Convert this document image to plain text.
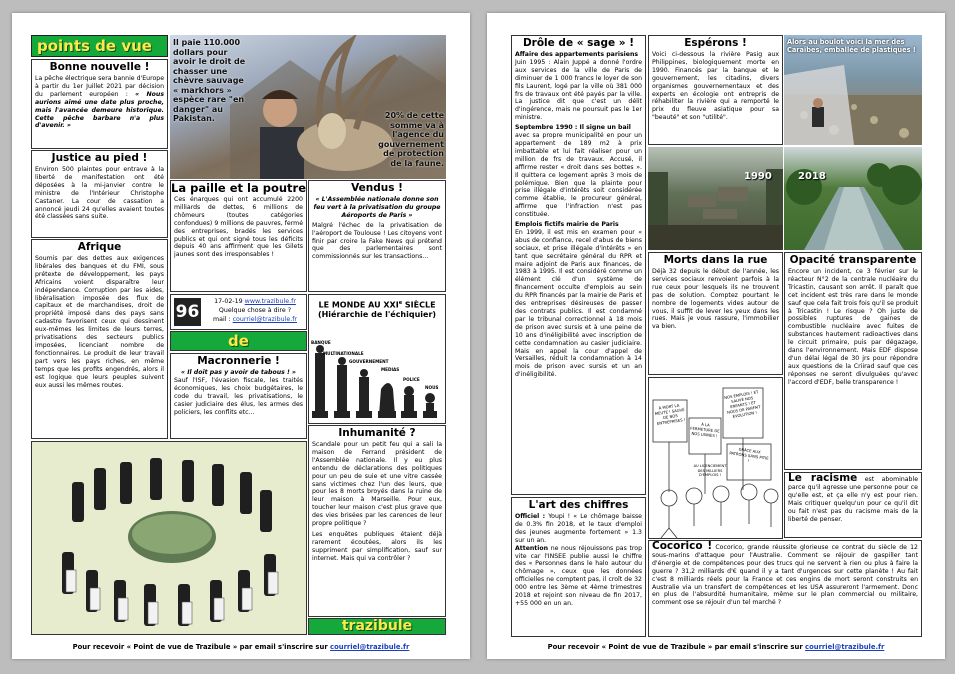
points de vue
Bonne nouvelle !
La pêche électrique sera bannie d'Europe à partir du 1er Juillet 2021 par décision du parlement européen : « Nous aurions aimé une date plus proche, mais l'avancée demeure historique. Cette pêche barbare n'a plus d'avenir. »
Il paie 110.000 dollars pour avoir le droit de chasser une chèvre sauvage « markhors » espèce rare "en danger" au Pakistan.	20% de cette somme va à l'agence du gouvernement de protection de la faune.
Justice au pied !
Environ 500 plaintes pour entrave à la liberté de manifestation ont été déposées à la mi-janvier contre le ministre de l'Intérieur Christophe Castaner. La cour de cassation a annoncé jeudi 24 qu'elles avaient toutes été classées sans suite.
La paille et la poutre
Ces énarques qui ont accumulé 2200 milliards de dettes, 6 millions de chômeurs (toutes catégories confondues) 9 millions de pauvres, fermé des entreprises, bradés les services publics et qui ont signé tous les déficits depuis 40 ans affirment que les Gilets jaunes sont des irresponsables !
Vendus !
« L'Assemblée nationale donne son feu vert à la privatisation du groupe Aéroports de Paris »
Malgré l'échec de la privatisation de l'aéroport de Toulouse ! Les citoyens vont finir par croire la Fake News qui prétend que des parlementaires sont commissionnés sur les transactions...
Afrique
Soumis par des dettes aux exigences libérales des banques et du FMI, sous prétexte de développement, les pays Africains voient disparaître leur indépendance. Corruption par les aides, libéralisation imposée des flux de capitaux et de marchandises, droit de propriété imposé dans des pays sans cadastre favorisent ceux qui dessinent eux-mêmes les limites de leurs terres, privatisations des secteurs publics imposées, licenciant nombre de fonctionnaires. Le produit de leur travail part vers les pays riches, en même temps que les profits engendrés, alors il est logique que leurs peuples suivent eux aussi les mêmes routes.
96
17-02-19 www.trazibule.fr
Quelque chose à dire ?
mail : courriel@trazibule.fr
de
Macronnerie !
« Il doit pas y avoir de tabous ! »
Sauf l'ISF, l'évasion fiscale, les traités économiques, les choix budgétaires, le code du travail, les privatisations, le casier judiciaire des élus, les armes des policiers, les conflits etc...
LE MONDE AU XXIe SIÈCLE
(Hiérarchie de l'échiquier)
BANQUE
MULTINATIONALE
GOUVERNEMENT
MEDIAS
POLICE
NOUS
Inhumanité ?
Scandale pour un petit feu qui a sali la maison de Ferrand président de l'Assemblée nationale. Il y eu plus entendu de déclarations des politiques pour un peu de suie et une vitre cassée sans victimes chez l'un des leurs, que pour les 8 morts broyés dans la ruine de leur maison à Marseille. Pour eux, toucher leur maison c'est plus grave que des vies brisées par les carences de leur propre politique ?
Les enquêtes publiques étaient déjà rarement écoutées, alors ils les suppriment par simplification, sauf sur internet. Mais qui va contrôler ?
trazibule
Pour recevoir « Point de vue de Trazibule » par email s'inscrire sur courriel@trazibule.fr
Drôle de « sage » !

Affaire des appartements parisiens

Juin 1995 : Alain Juppé a donné l'ordre aux services de la ville de Paris de diminuer de 1 000 francs le loyer de son fils Laurent, logé par la ville où 381 000 frs de travaux ont été payés par la ville. La justice dit que c'est un délit d'ingérence, mais ne poursuit pas le 1er ministre.

Septembre 1990 : Il signe un bail

avec sa propre municipalité en pour un appartement de 189 m2 à prix imbattable et lui fait réaliser pour un million de frs de travaux. Accusé, il affirme rester « droit dans ses bottes ». Il quittera ce logement après 3 mois de polémique. Bien que la plainte pour prise illégale d'intérêts soit considérée comme établie, le procureur général, affirme que l'infraction n'est pas constituée.

Emplois fictifs mairie de Paris

En 1999, il est mis en examen pour « abus de confiance, recel d'abus de biens sociaux, et prise illégale d'intérêts » en tant que secrétaire général du RPR et maire adjoint de Paris aux finances, de 1983 à 1995. Il est considéré comme un élément clé d'un système de financement occulte d'emplois au sein du RPR financés par la mairie de Paris et des entreprises désireuses de passer des contrats publics. Il est condamné par le tribunal correctionnel à 18 mois de prison avec sursis et à une peine de 10 ans d'inéligibilité avec inscription de cette condamnation au casier judiciaire. Mais en appel la cour d'appel de Versailles, réduit la condamnation à 14 mois de prison avec sursis et un an d'inéligibilité.

Espérons !
Voici ci-dessous la rivière Pasig aux Philippines, biologiquement morte en 1990. Financés par la banque et le gouvernement, les citadins, divers organismes gouvernementaux et des experts en écologie ont entrepris de réhabiliter la rivière qui a remporté le prix du fleuve asiatique pour sa "beauté" et son "utilité".
Alors au boulot voici la mer des Caraïbes, emballée de plastiques !
1990	2018
Morts dans la rue
Déjà 32 depuis le début de l'année, les services sociaux renvoient parfois à la rue ceux pour lesquels ils ne trouvent pas de solution. Comptez pourtant le nombre de logements vides autour de vous, il suffit de lever les yeux dans les rues. Mais je vous rassure, l'immobilier va bien.
Opacité transparente
Encore un incident, ce 3 février sur le réacteur N°2 de la centrale nucléaire du Tricastin, causant son arrêt. Il paraît que cet incident est très rare dans le monde sauf que cela fait trois fois qu'il se produit à Tricastin ! Le risque ? Oh juste de possibles ruptures de gaines de combustible nucléaire avec fuites de substances hautement radioactives dans le circuit primaire, puis par dégazage, dans l'environnement. Mais EDF dispose d'un délai légal de 30 jrs pour répondre aux questions de la Criirad sauf que ces réponses ne seront divulguées qu'avec l'accord d'EDF, belle transparence !
À MORT LA MEUTE ! SAUVÉ DE NOS ENTREPRISES !	À LA FERMETURE DE NOS USINES !
NOS EMPLOIS ! ET SAUVÉ NOS ENFANTS ! ET NOUS DE PARFAIT ÉVOLUTION !
AU LICENCIEMENT DES MILLIERS D'EMPLOIS !
GRÂCE AUX PATRONS SANS PITIÉ !
L'art des chiffres

Officiel : Youpi ! « Le chômage baisse de 0.3% fin 2018, et le taux d'emploi des jeunes augmente fortement » 1.3 sur un an.

Attention ne nous réjouissons pas trop vite car l'INSEE publie aussi le chiffre des « Personnes dans le halo autour du chômage », ceux que les données officielles ne comptent pas, il croît de 32 000 entre les 3ème et 4ème trimestres 2018 et rejoint son niveau de fin 2017, +55 000 en un an.

Le racisme est abominable parce qu'il agresse une personne pour ce qu'elle est, et ça elle n'y est pour rien. Mais critiquer quelqu'un pour ce qu'il dit ou fait n'est pas du racisme mais de la liberté de penser.
Cocorico ! Cocorico, grande réussite glorieuse ce contrat du siècle de 12 sous-marins d'attaque pour l'Australie. Comment se réjouir de gaspiller tant d'énergie et de compétences pour des trucs qui ne servent à rien ou plus à faire la guerre ? 31,2 milliards d'€ quand il y a tant d'urgences sur cette planète ! Au fait c'est 8 milliards réels pour la France et ces engins de mort seront construits en Australie via un transfert de compétences et les USA assureront l'armement. Donc en plus de l'absurdité humanitaire, même sur le plan commercial ou militaire, comment ose se réjouir d'un tel marché ?
Pour recevoir « Point de vue de Trazibule » par email s'inscrire sur courriel@trazibule.fr
